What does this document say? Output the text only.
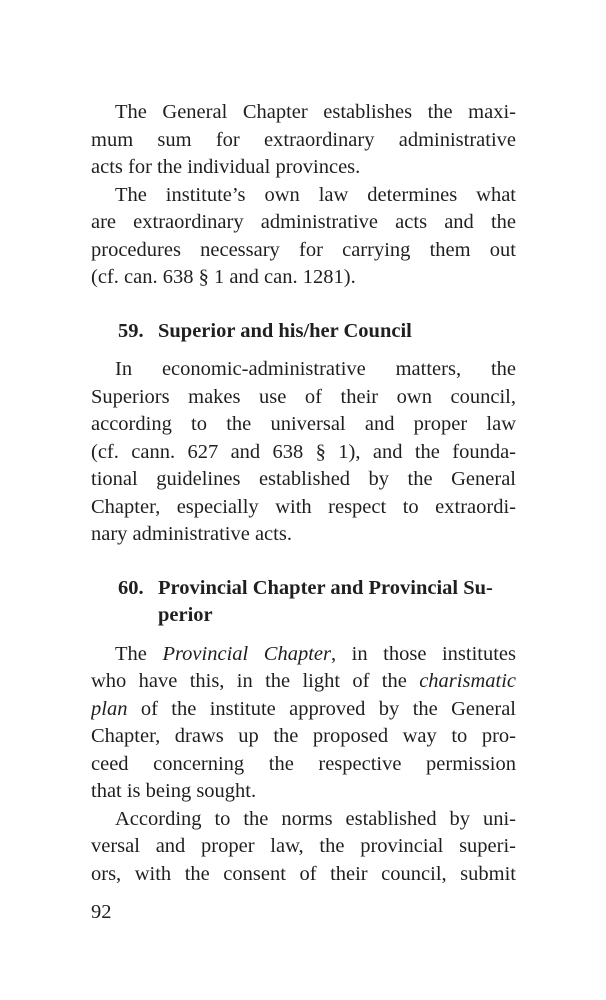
The General Chapter establishes the maxi-
mum sum for extraordinary administrative
acts for the individual provinces.
The institute’s own law determines what
are extraordinary administrative acts and the
procedures necessary for carrying them out
(cf. can. 638 § 1 and can. 1281).
59. Superior and his/her Council
In economic-administrative matters, the
Superiors makes use of their own council,
according to the universal and proper law
(cf. cann. 627 and 638 § 1), and the founda-
tional guidelines established by the General
Chapter, especially with respect to extraordi-
nary administrative acts.
60. Provincial Chapter and Provincial Su-
perior
The Provincial Chapter, in those institutes
who have this, in the light of the charismatic
plan of the institute approved by the General
Chapter, draws up the proposed way to pro-
ceed concerning the respective permission
that is being sought.
According to the norms established by uni-
versal and proper law, the provincial superi-
ors, with the consent of their council, submit
92
